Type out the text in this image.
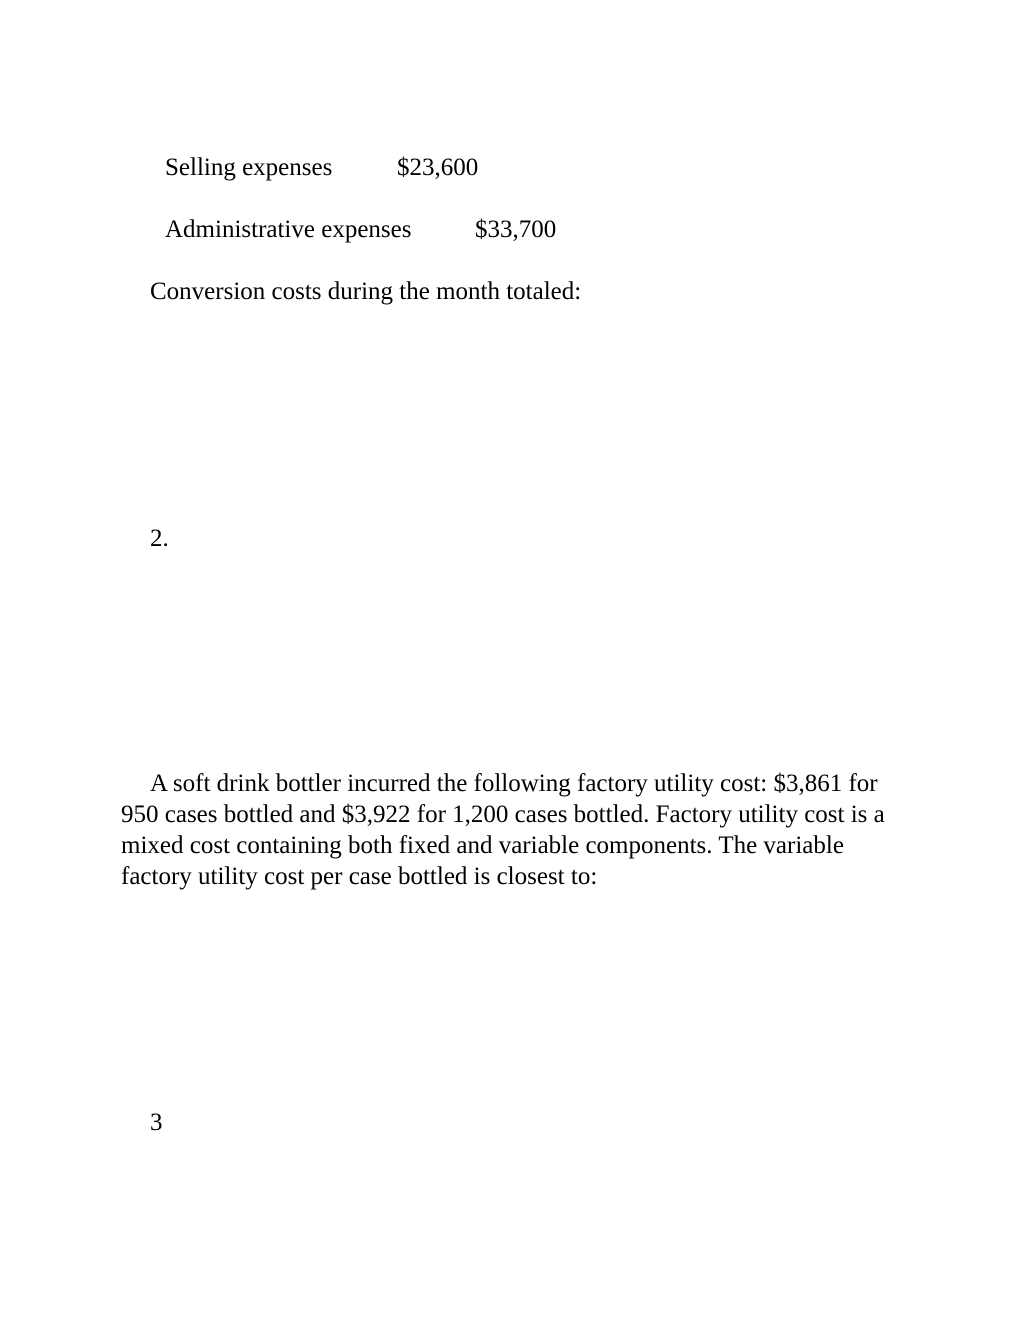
Selling expenses	$23,600
Administrative expenses	$33,700
Conversion costs during the month totaled:
2.
A soft drink bottler incurred the following factory utility cost: $3,861 for 950 cases bottled and $3,922 for 1,200 cases bottled. Factory utility cost is a mixed cost containing both fixed and variable components. The variable factory utility cost per case bottled is closest to:
3
